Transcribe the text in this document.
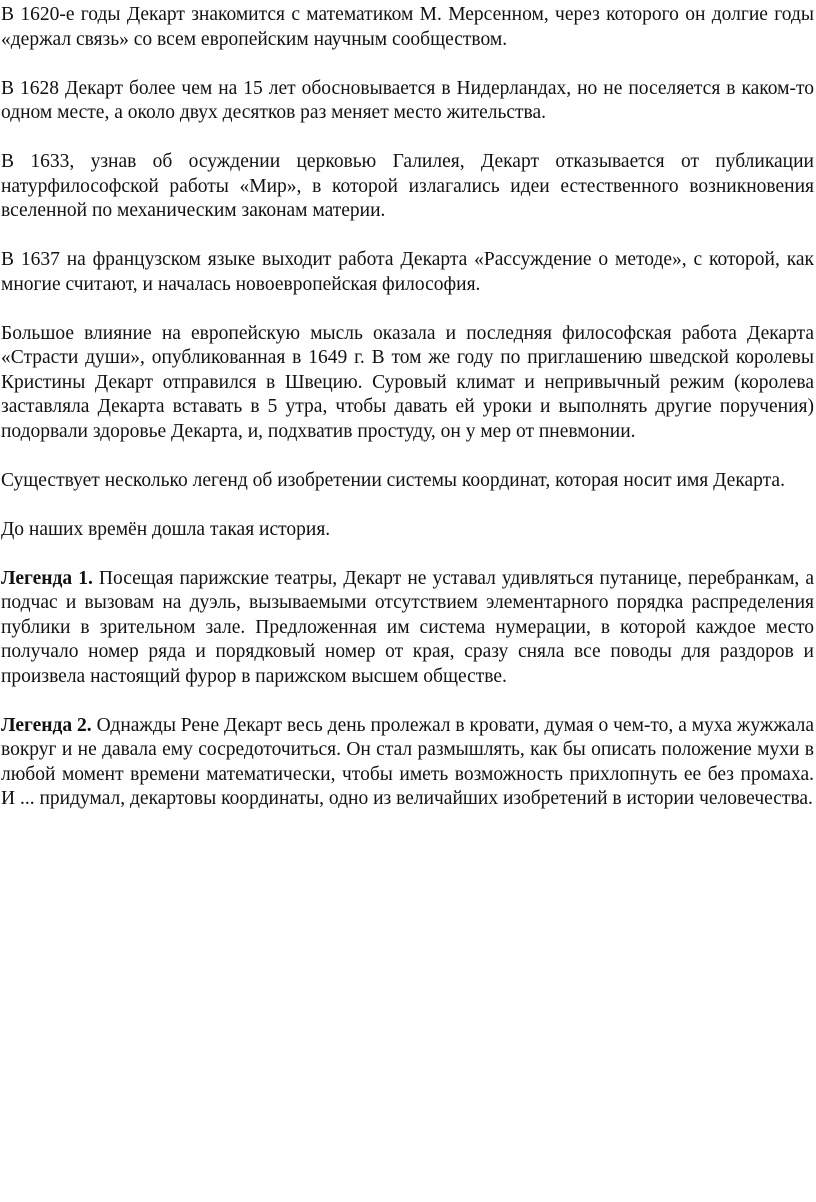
В 1620-е годы Декарт знакомится с математиком М. Мерсенном, через которого он долгие годы «держал связь» со всем европейским научным сообществом.

В 1628 Декарт более чем на 15 лет обосновывается в Нидерландах, но не поселяется в каком-то одном месте, а около двух десятков раз меняет место жительства.

В 1633, узнав об осуждении церковью Галилея, Декарт отказывается от публикации натурфилософской работы «Мир», в которой излагались идеи естественного возникновения вселенной по механическим законам материи.

В 1637 на французском языке выходит работа Декарта «Рассуждение о методе», с которой, как многие считают, и началась новоевропейская философия.

Большое влияние на европейскую мысль оказала и последняя философская работа Декарта «Страсти души», опубликованная в 1649 г. В том же году по приглашению шведской королевы Кристины Декарт отправился в Швецию. Суровый климат и непривычный режим (королева заставляла Декарта вставать в 5 утра, чтобы давать ей уроки и выполнять другие поручения) подорвали здоровье Декарта, и, подхватив простуду, он у мер от пневмонии.

Существует несколько легенд об изобретении системы координат, которая носит имя Декарта.

До наших времён дошла такая история.

Легенда 1. Посещая парижские театры, Декарт не уставал удивляться путанице, перебранкам, а подчас и вызовам на дуэль, вызываемыми отсутствием элементарного порядка распределения публики в зрительном зале. Предложенная им система нумерации, в которой каждое место получало номер ряда и порядковый номер от края, сразу сняла все поводы для раздоров и произвела настоящий фурор в парижском высшем обществе.

Легенда 2. Однажды Рене Декарт весь день пролежал в кровати, думая о чем-то, а муха жужжала вокруг и не давала ему сосредоточиться. Он стал размышлять, как бы описать положение мухи в любой момент времени математически, чтобы иметь возможность прихлопнуть ее без промаха. И ... придумал, декартовы координаты, одно из величайших изобретений в истории человечества.
